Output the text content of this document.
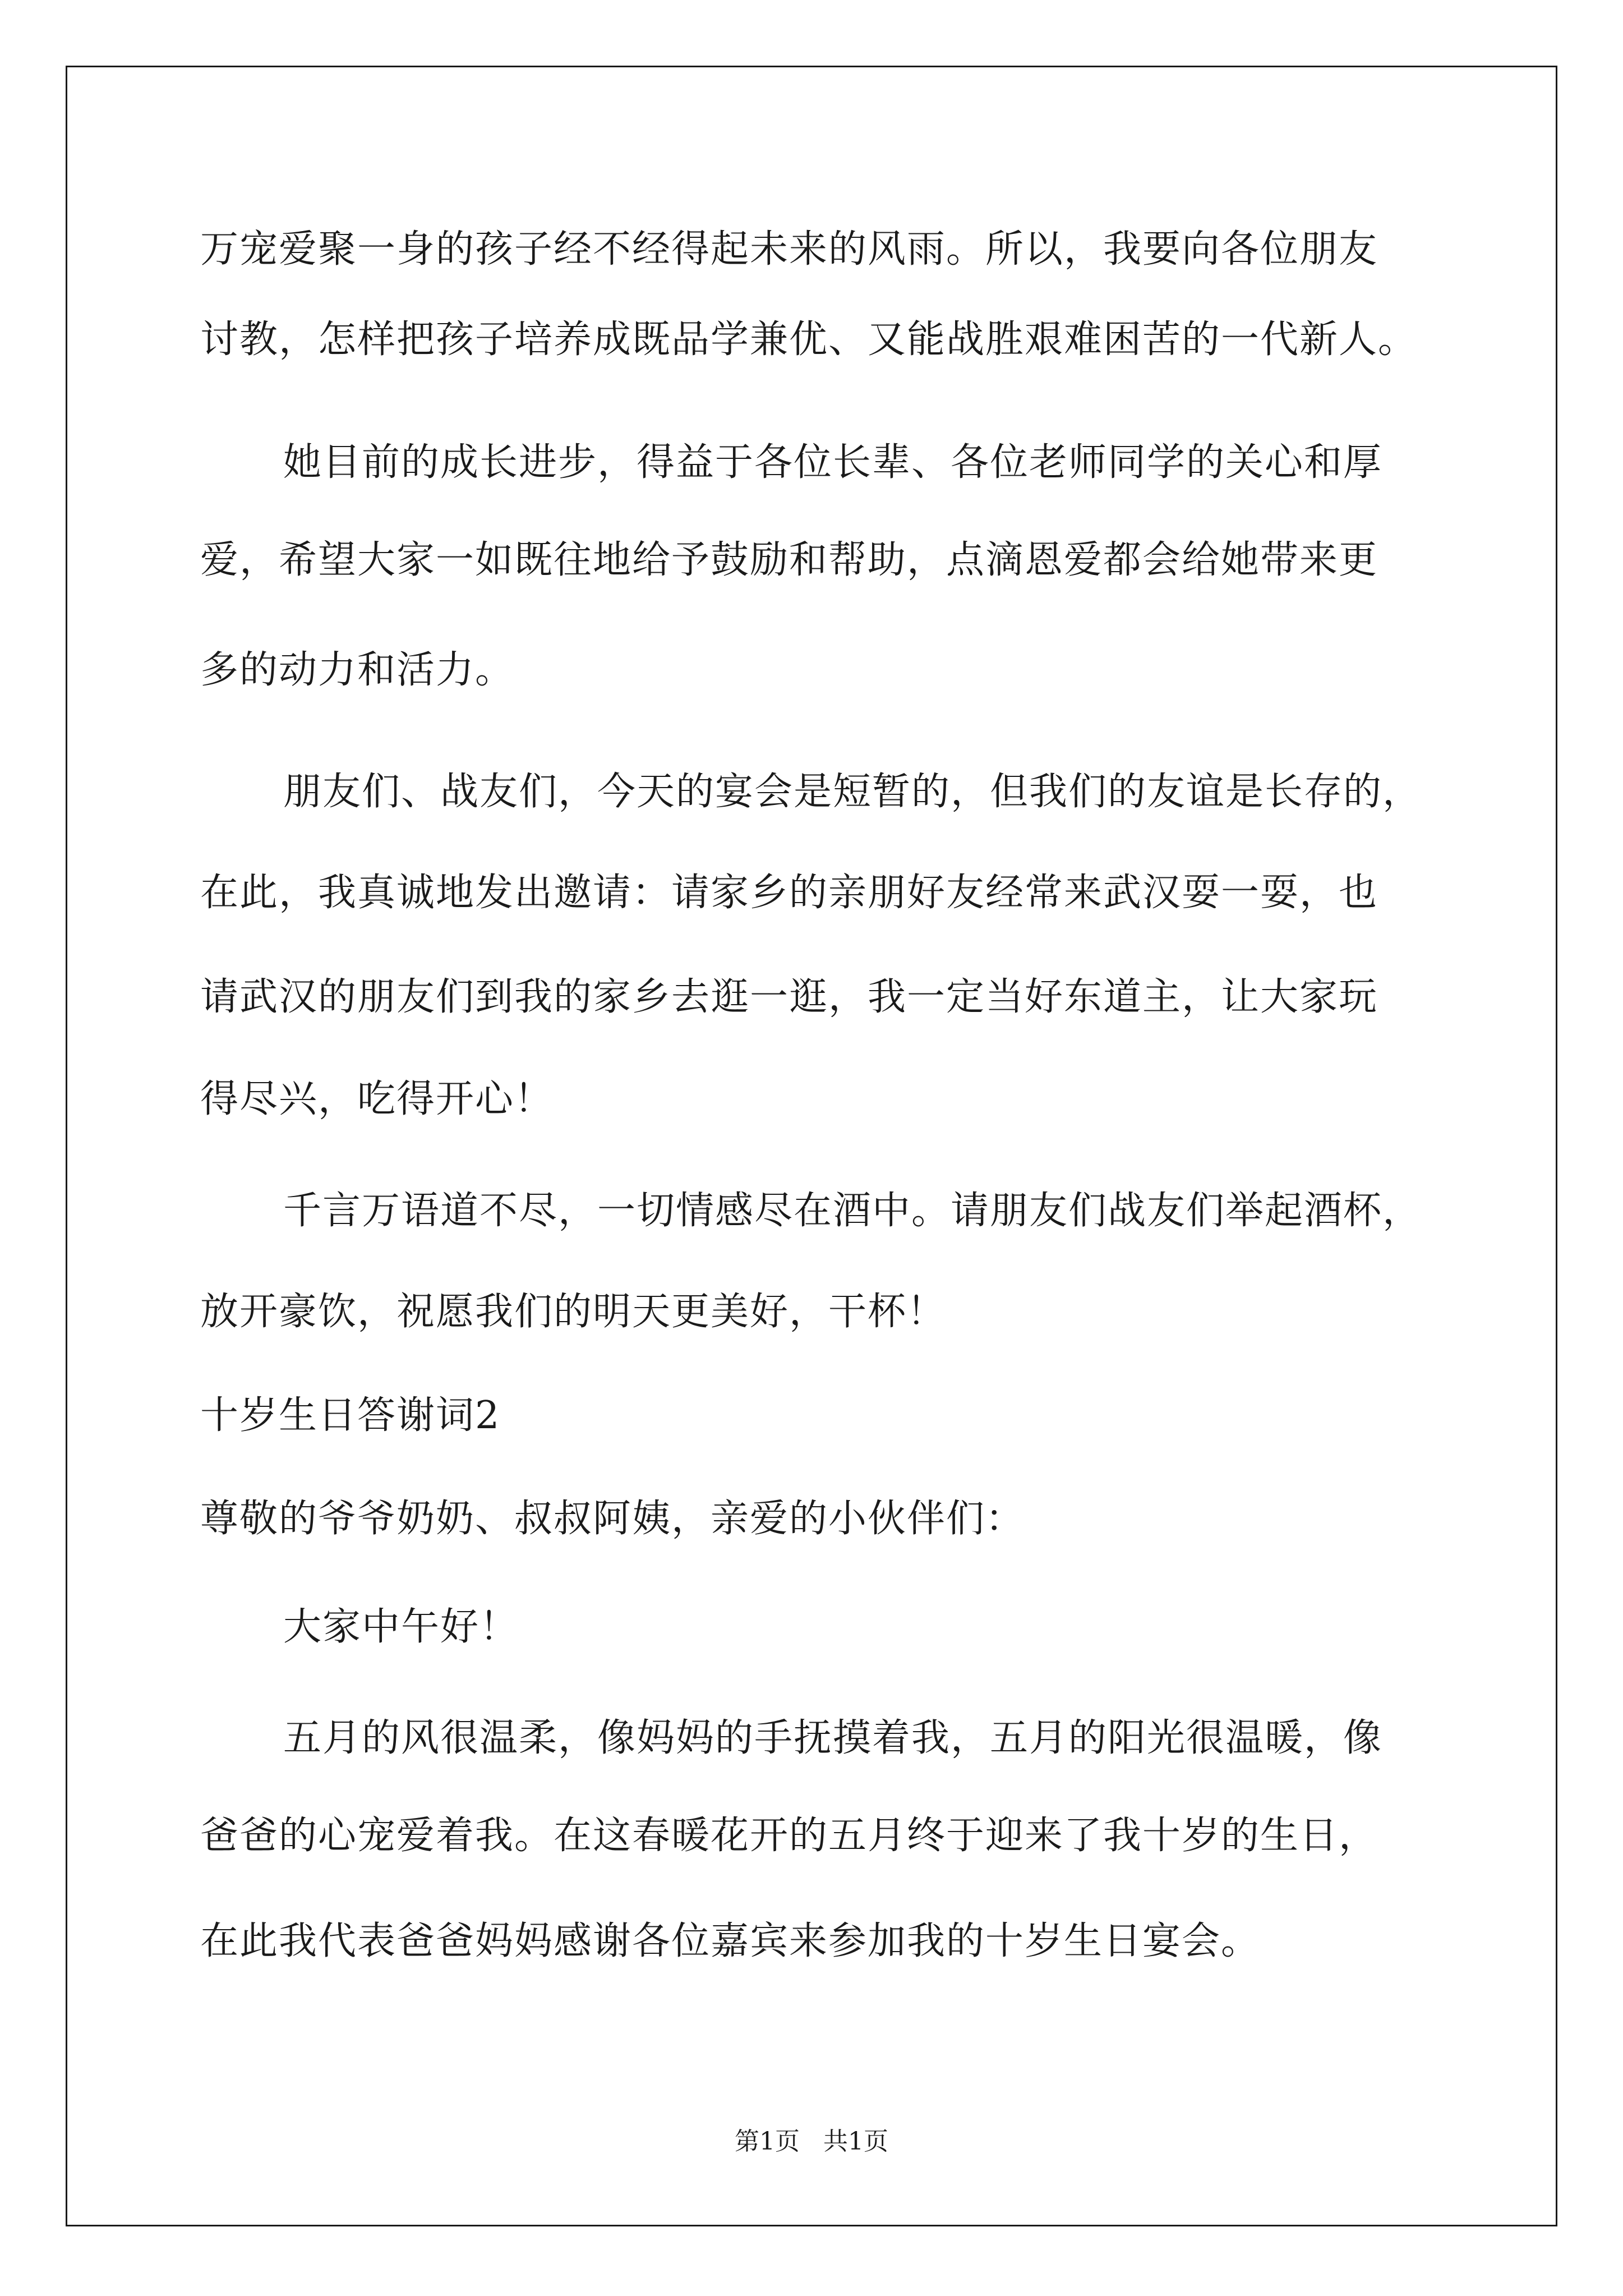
万宠爱聚一身的孩子经不经得起未来的风雨。所以，我要向各位朋友
讨教，怎样把孩子培养成既品学兼优、又能战胜艰难困苦的一代新人。
她目前的成长进步，得益于各位长辈、各位老师同学的关心和厚
爱，希望大家一如既往地给予鼓励和帮助，点滴恩爱都会给她带来更
多的动力和活力。
朋友们、战友们，今天的宴会是短暂的，但我们的友谊是长存的，
在此，我真诚地发出邀请：请家乡的亲朋好友经常来武汉耍一耍，也
请武汉的朋友们到我的家乡去逛一逛，我一定当好东道主，让大家玩
得尽兴，吃得开心！
千言万语道不尽，一切情感尽在酒中。请朋友们战友们举起酒杯，
放开豪饮，祝愿我们的明天更美好，干杯！
十岁生日答谢词2
尊敬的爷爷奶奶、叔叔阿姨，亲爱的小伙伴们：
大家中午好！
五月的风很温柔，像妈妈的手抚摸着我，五月的阳光很温暖，像
爸爸的心宠爱着我。在这春暖花开的五月终于迎来了我十岁的生日，
在此我代表爸爸妈妈感谢各位嘉宾来参加我的十岁生日宴会。
第1页 共1页
